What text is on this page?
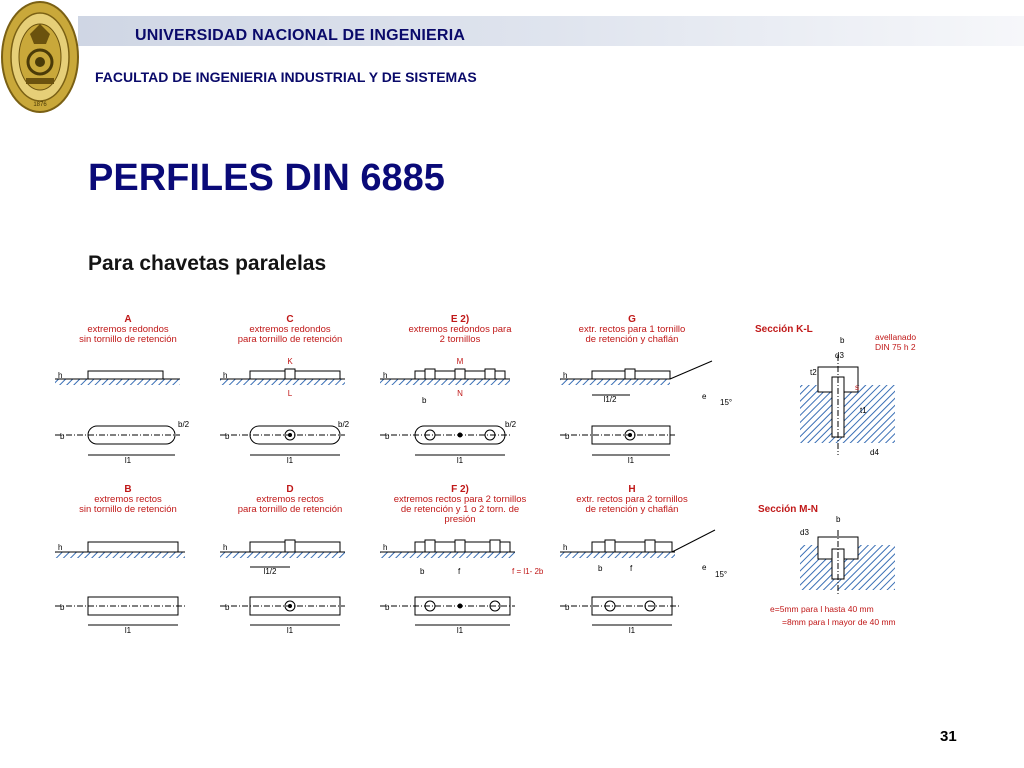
1876
UNIVERSIDAD NACIONAL DE INGENIERIA
FACULTAD DE INGENIERIA INDUSTRIAL Y DE SISTEMAS
PERFILES DIN 6885
Para chavetas paralelas
A
extremos redondos
sin tornillo de retención
h
l1
b
b/2
C
extremos redondos
para tornillo de retención
K
L
h
l1
b
b/2
E 2)
extremos redondos para
2 tornillos
M
N
h
b
l1
b
b/2
G
extr. rectos para 1 tornillo
de retención y chaflán
l1/2
h
e
15°
l1
b
Sección K-L
avellanado
DIN 75 h 2
b
d3
t2
t1
s
d4
B
extremos rectos
sin tornillo de retención
h
l1
b
D
extremos rectos
para tornillo de retención
l1/2
h
l1
b
F 2)
extremos rectos para 2 tornillos
de retención y 1 o 2 torn. de
presión
h
b	f	f = l1- 2b
l1
b
H
extr. rectos para 2 tornillos
de retención y chaflán
h
b	f	e
15°
l1
b
Sección M-N
b
d3
e=5mm para l hasta 40 mm
=8mm para l mayor de 40 mm
31
